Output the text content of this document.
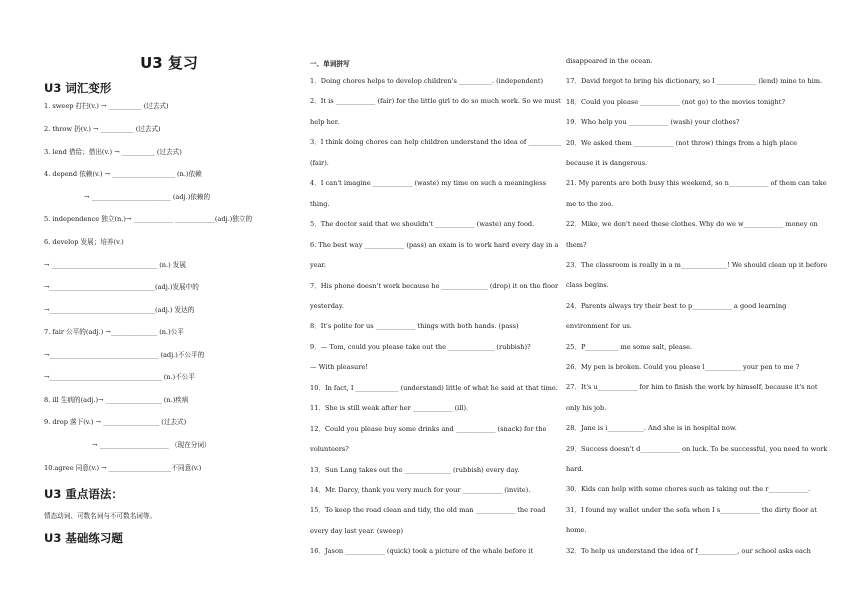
U3 复习
U3 词汇变形
1. sweep 打扫(v.) → __________ (过去式)
2. throw 扔(v.) → __________ (过去式)
3. lend 借给；借出(v.) → __________ (过去式)
4. depend 依赖(v.) → ___________________ (n.)依赖
→ ________________________ (adj.)依赖的
5. independence 独立(n.)→ ____________ ____________(adj.)独立的
6. develop 发展；培养(v.)
→ ________________________________ (n.) 发展
→________________________________(adj.)发展中的
→________________________________(adj.) 发达的
7. fair 公平的(adj.) →______________ (n.)公平
→_________________________________ (adj.)不公平的
→__________________________________ (n.)不公平
8. ill 生病的(adj.)→ _________________ (n.)疾病
9. drop 落下(v.) → _________________ (过去式)
→ _____________________ （现在分词）
10.agree 同意(v.) → ___________________不同意(v.)
U3 重点语法：
情态动词、可数名词与不可数名词等。
U3 基础练习题
一、单词拼写
1．Doing chores helps to develop children's __________. (independent)
2．It is ____________ (fair) for the little girl to do so much work. So we must
help her.
3．I think doing chores can help children understand the idea of __________
(fair).
4．I can't imagine ____________ (waste) my time on such a meaningless
thing.
5．The doctor said that we shouldn't ____________ (waste) any food.
6. The best way ____________ (pass) an exam is to work hard every day in a
year.
7．His phone doesn't work because he ______________ (drop) it on the floor
yesterday.
8．It's polite for us ____________ things with both hands. (pass)
9．— Tom, could you please take out the ______________ (rubbish)?
— With pleasure!
10．In fact, I _____________ (understand) little of what he said at that time.
11．She is still weak after her ____________ (ill).
12．Could you please buy some drinks and ____________ (snack) for the
volunteers?
13．Sun Lang takes out the ______________ (rubbish) every day.
14．Mr. Darcy, thank you very much for your ____________ (invite).
15．To keep the road clean and tidy, the old man ____________ the road
every day last year. (sweep)
16．Jason ____________ (quick) took a picture of the whale before it
disappeared in the ocean.
17．David forgot to bring his dictionary, so I ____________ (lend) mine to him.
18．Could you please ____________ (not go) to the movies tonight?
19．Who help you ____________ (wash) your clothes?
20．We asked them ____________ (not throw) things from a high place
because it is dangerous.
21. My parents are both busy this weekend, so n____________ of them can take
me to the zoo.
22．Mike, we don't need these clothes. Why do we w____________ money on
them?
23．The classroom is really in a m______________! We should clean up it before
class begins.
24．Parents always try their best to p____________ a good learning
environment for us.
25．P__________ me some salt, please.
26．My pen is broken. Could you please l___________ your pen to me ?
27．It's u____________ for him to finish the work by himself, because it's not
only his job.
28．Jane is i___________. And she is in hospital now.
29．Success doesn't d____________ on luck. To be successful, you need to work
hard.
30．Kids can help with some chores such as taking out the r____________.
31．I found my wallet under the sofa when I s____________ the dirty floor at
home.
32．To help us understand the idea of f____________, our school asks each
